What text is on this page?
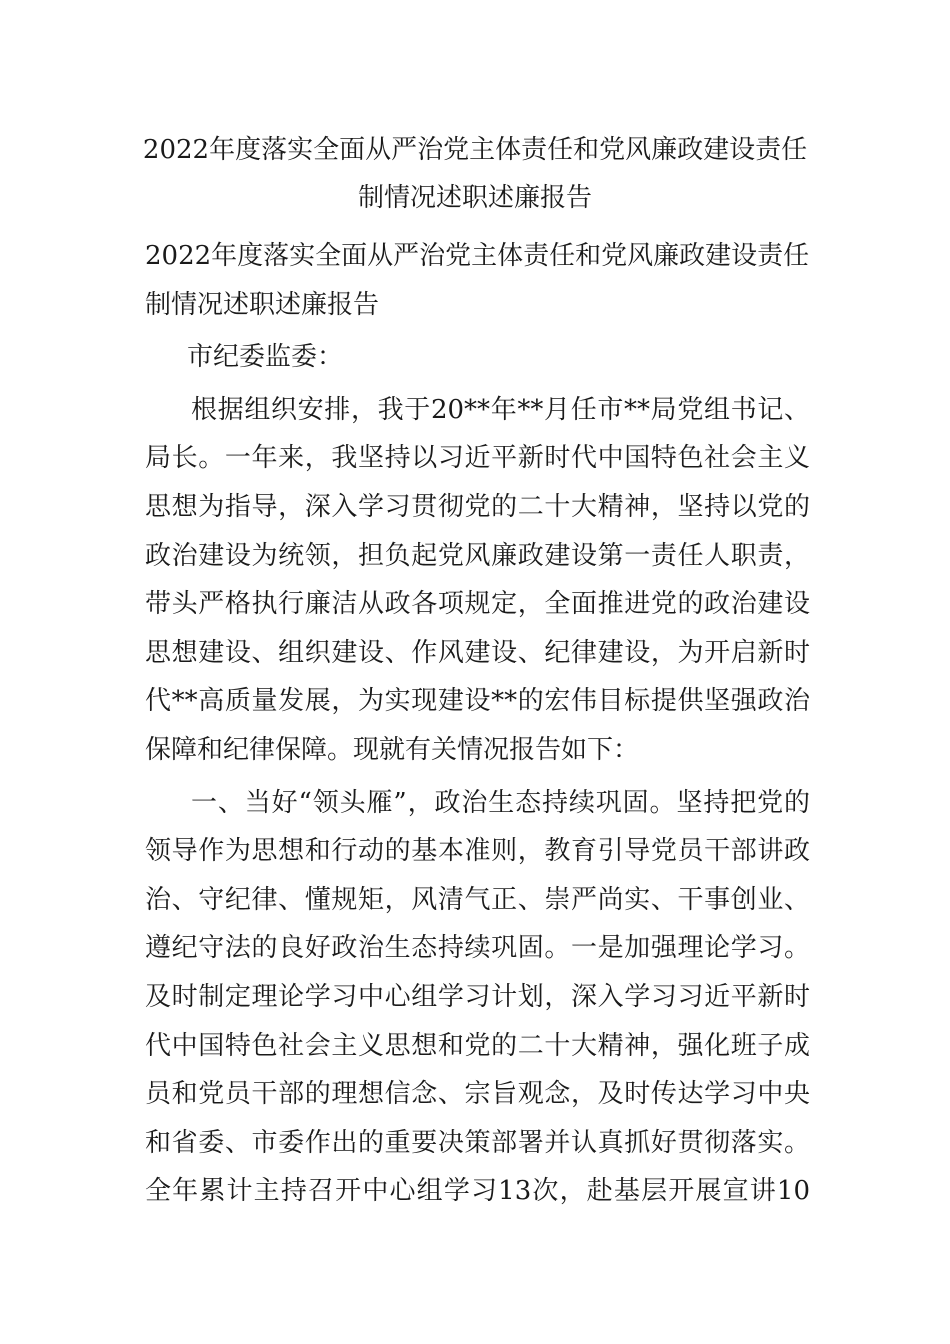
2022年度落实全面从严治党主体责任和党风廉政建设责任
制情况述职述廉报告

2022年度落实全面从严治党主体责任和党风廉政建设责任
制情况述职述廉报告

市纪委监委：

根据组织安排，我于20**年**月任市**局党组书记、
局长。一年来，我坚持以习近平新时代中国特色社会主义
思想为指导，深入学习贯彻党的二十大精神，坚持以党的
政治建设为统领，担负起党风廉政建设第一责任人职责，
带头严格执行廉洁从政各项规定，全面推进党的政治建设
思想建设、组织建设、作风建设、纪律建设，为开启新时
代**高质量发展，为实现建设**的宏伟目标提供坚强政治
保障和纪律保障。现就有关情况报告如下：

一、当好“领头雁”，政治生态持续巩固。坚持把党的
领导作为思想和行动的基本准则，教育引导党员干部讲政
治、守纪律、懂规矩，风清气正、崇严尚实、干事创业、
遵纪守法的良好政治生态持续巩固。一是加强理论学习。
及时制定理论学习中心组学习计划，深入学习习近平新时
代中国特色社会主义思想和党的二十大精神，强化班子成
员和党员干部的理想信念、宗旨观念，及时传达学习中央
和省委、市委作出的重要决策部署并认真抓好贯彻落实。
全年累计主持召开中心组学习13次，赴基层开展宣讲10
